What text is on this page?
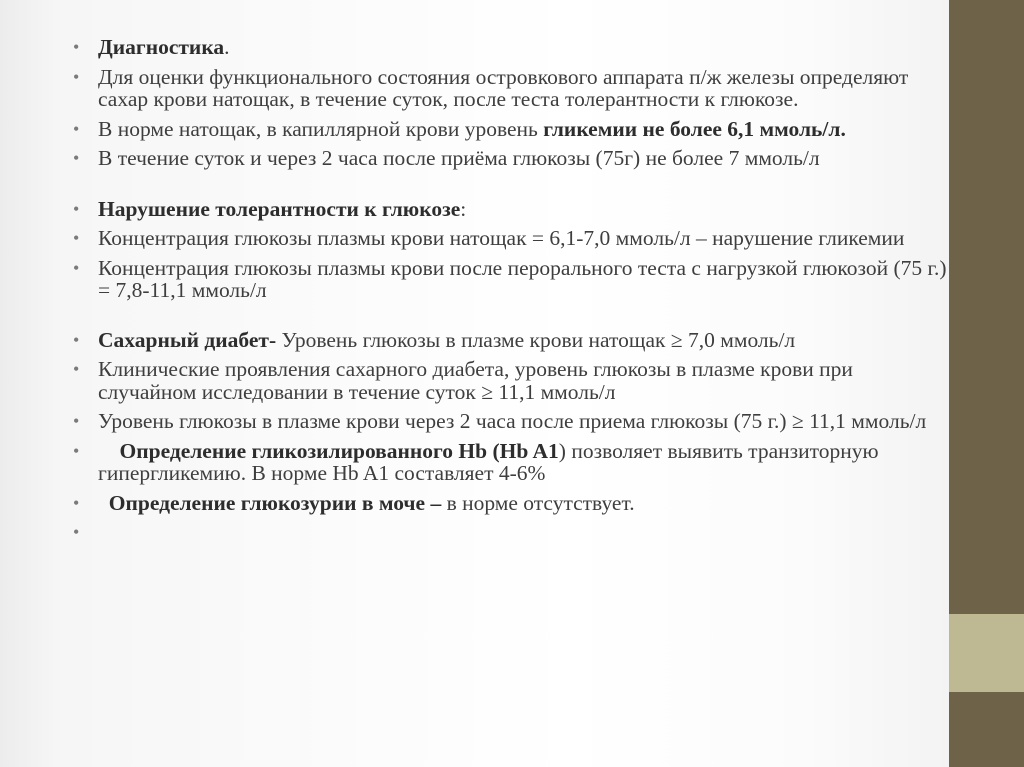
• Диагностика.
• Для оценки функционального состояния островкового аппарата п/ж железы определяют сахар крови натощак, в течение суток, после теста толерантности к глюкозе.
• В норме натощак, в капиллярной крови уровень гликемии не более 6,1 ммоль/л.
• В течение суток и через 2 часа после приёма глюкозы (75г) не более 7 ммоль/л
• Нарушение толерантности к глюкозе:
• Концентрация глюкозы плазмы крови натощак = 6,1-7,0 ммоль/л – нарушение гликемии
• Концентрация глюкозы плазмы крови после перорального теста с нагрузкой глюкозой (75 г.) = 7,8-11,1 ммоль/л
• Сахарный диабет- Уровень глюкозы в плазме крови натощак ≥ 7,0 ммоль/л
• Клинические проявления сахарного диабета, уровень глюкозы в плазме крови при случайном исследовании в течение суток ≥ 11,1 ммоль/л
• Уровень глюкозы в плазме крови через 2 часа после приема глюкозы (75 г.) ≥ 11,1 ммоль/л
•     Определение гликозилированного Hb (Hb A1) позволяет выявить транзиторную гипергликемию. В норме Hb A1 составляет 4-6%
•   Определение глюкозурии в моче – в норме отсутствует.
•
